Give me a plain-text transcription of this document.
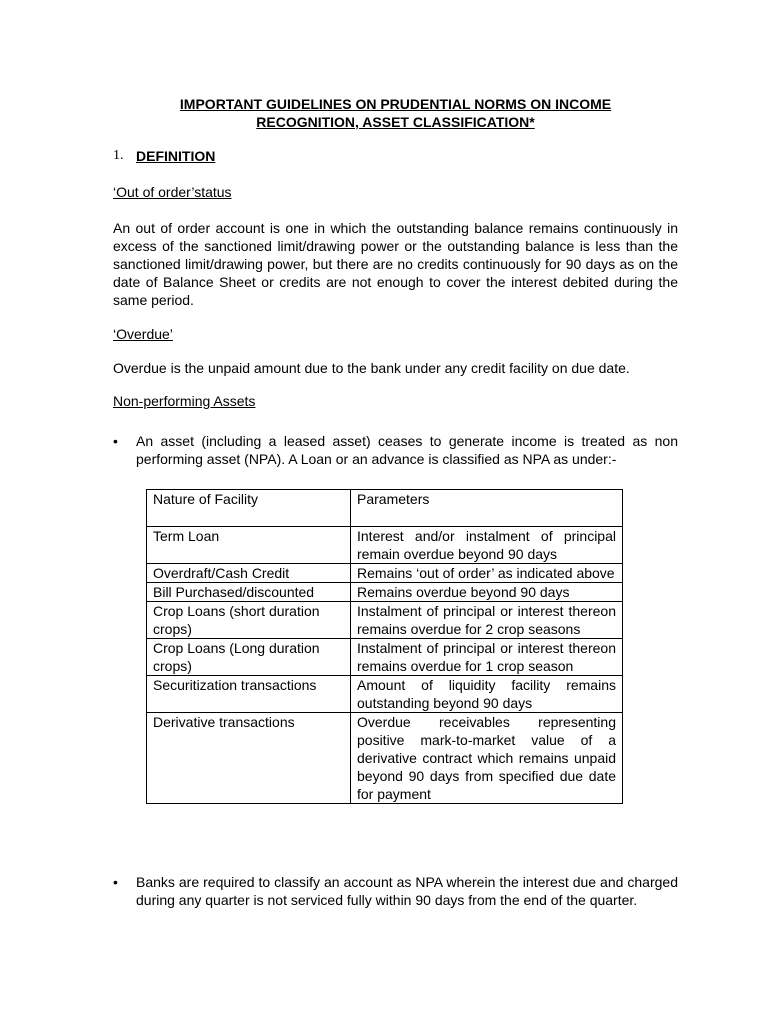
IMPORTANT GUIDELINES ON PRUDENTIAL NORMS ON INCOME
RECOGNITION, ASSET CLASSIFICATION*
1. DEFINITION
‘Out of order’status

An out of order account is one in which the outstanding balance remains continuously in excess of the sanctioned limit/drawing power or the outstanding balance is less than the sanctioned limit/drawing power, but there are no credits continuously for 90 days as on the date of Balance Sheet or credits are not enough to cover the interest debited during the same period.

‘Overdue’

Overdue is the unpaid amount due to the bank under any credit facility on due date.

Non-performing Assets
• An asset (including a leased asset) ceases to generate income is treated as non performing asset (NPA). A Loan or an advance is classified as NPA as under:-
Nature of Facility	Parameters
Term Loan	Interest and/or instalment of principal remain overdue beyond 90 days
Overdraft/Cash Credit	Remains ‘out of order’ as indicated above
Bill Purchased/discounted	Remains overdue beyond 90 days
Crop Loans (short duration crops)	Instalment of principal or interest thereon remains overdue for 2 crop seasons
Crop Loans (Long duration crops)	Instalment of principal or interest thereon remains overdue for 1 crop season
Securitization transactions	Amount of liquidity facility remains outstanding beyond 90 days
Derivative transactions	Overdue receivables representing positive mark-to-market value of a derivative contract which remains unpaid beyond 90 days from specified due date for payment
• Banks are required to classify an account as NPA wherein the interest due and charged during any quarter is not serviced fully within 90 days from the end of the quarter.
